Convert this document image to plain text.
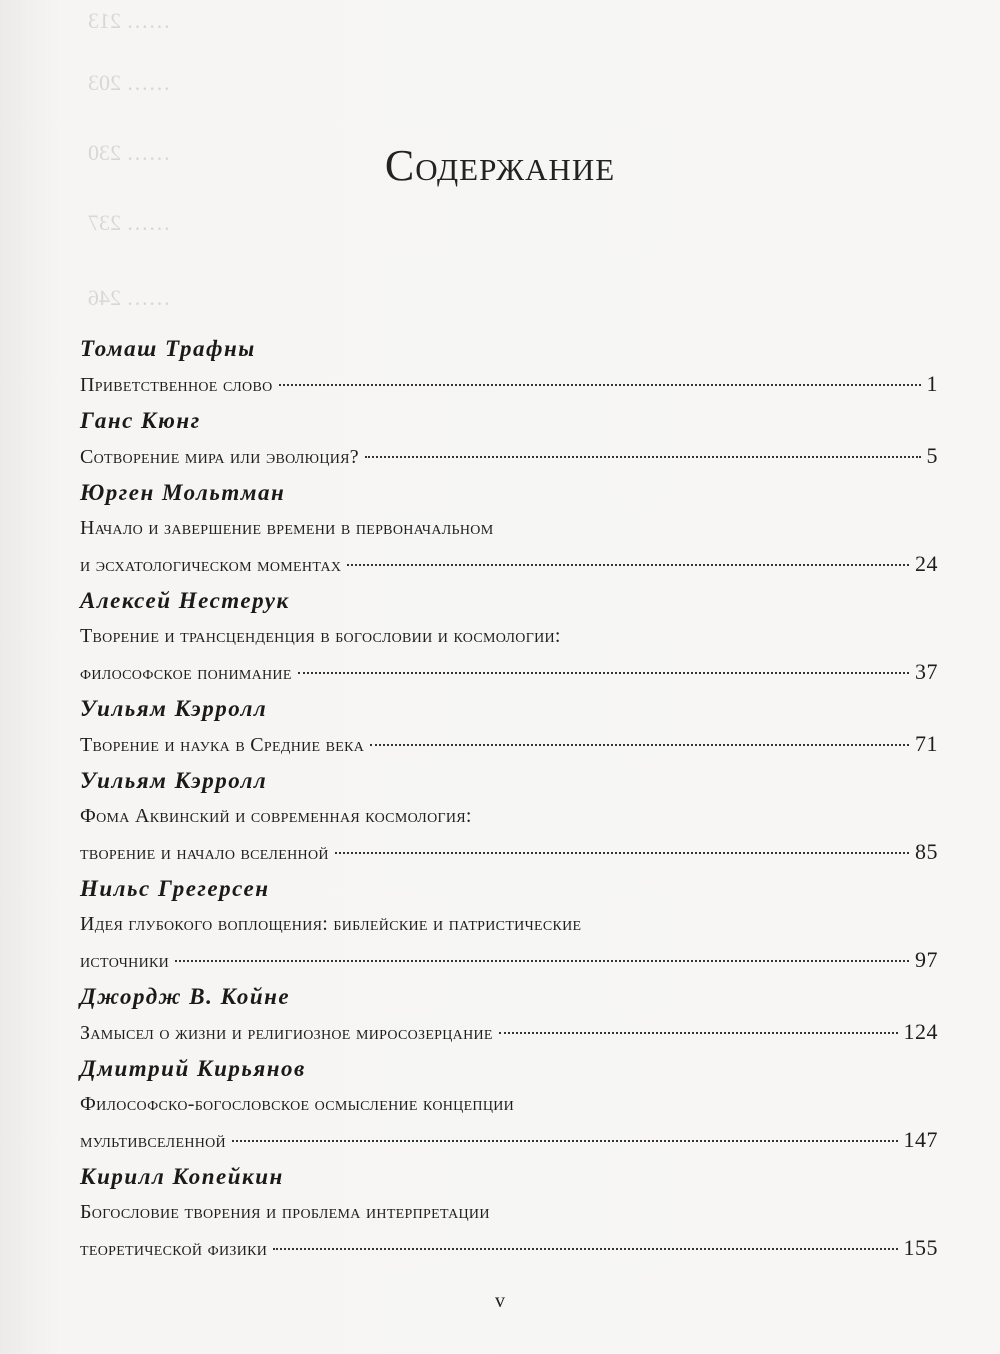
…… 213
…… 203
…… 230
…… 237
…… 246
Содержание
Томаш Трафны
Приветственное слово	1
Ганс Кюнг
Сотворение мира или эволюция?	5
Юрген Мольтман
Начало и завершение времени в первоначальном
и эсхатологическом моментах	24
Алексей Нестерук
Творение и трансценденция в богословии и космологии:
философское понимание	37
Уильям Кэрролл
Творение и наука в Средние века	71
Уильям Кэрролл
Фома Аквинский и современная космология:
творение и начало вселенной	85
Нильс Грегерсен
Идея глубокого воплощения: библейские и патристические
источники	97
Джордж В. Койне
Замысел о жизни и религиозное миросозерцание	124
Дмитрий Кирьянов
Философско-богословское осмысление концепции
мультивселенной	147
Кирилл Копейкин
Богословие творения и проблема интерпретации
теоретической физики	155
v
